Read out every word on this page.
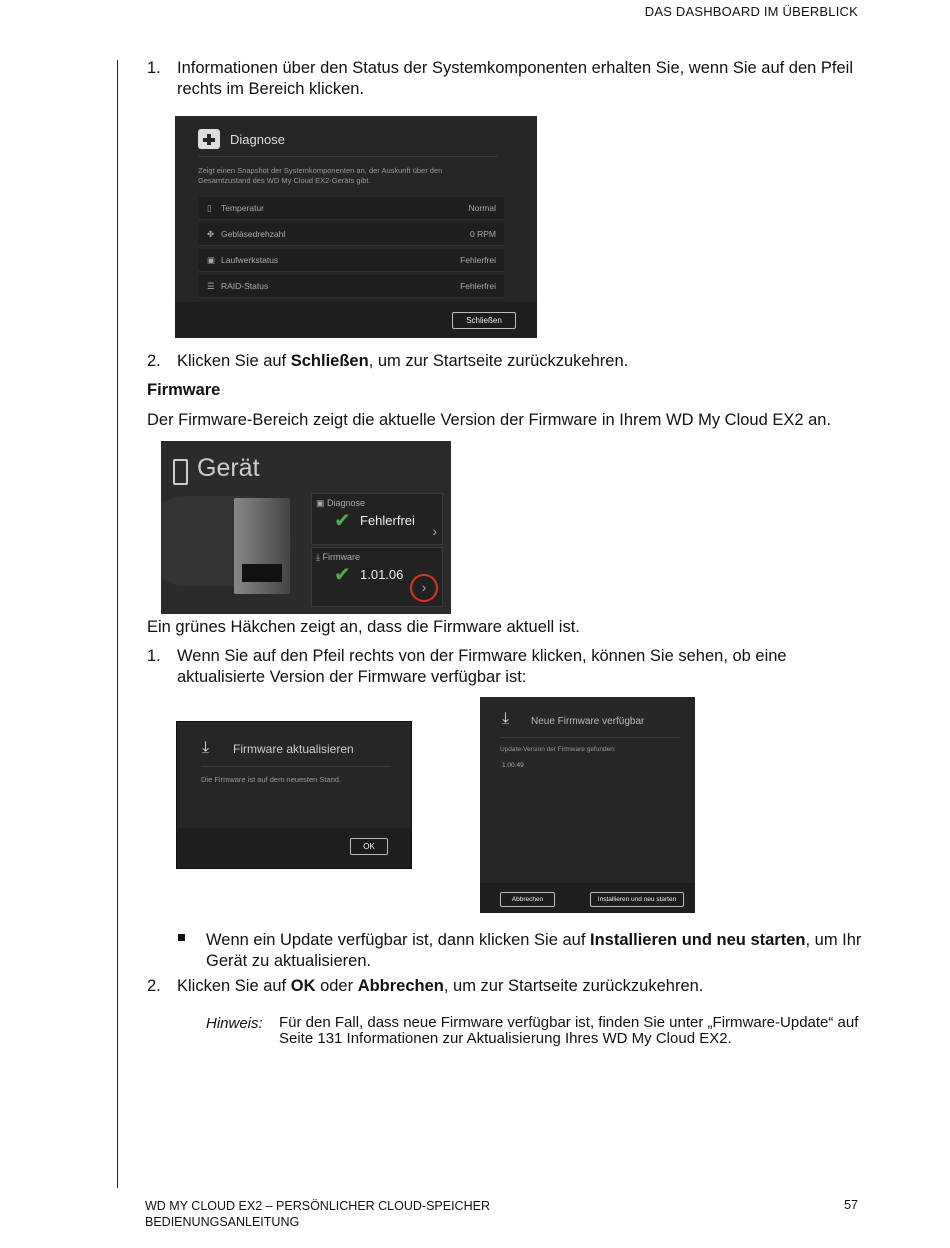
DAS DASHBOARD IM ÜBERBLICK
1. Informationen über den Status der Systemkomponenten erhalten Sie, wenn Sie auf den Pfeil rechts im Bereich klicken.
Diagnose
Zeigt einen Snapshot der Systemkomponenten an, der Auskunft über den Gesamtzustand des WD My Cloud EX2-Geräts gibt.
▯ Temperatur	Normal
✤ Gebläsedrehzahl	0 RPM
▣ Laufwerkstatus	Fehlerfrei
☰ RAID-Status	Fehlerfrei
Schließen
2. Klicken Sie auf Schließen, um zur Startseite zurückzukehren.
Firmware
Der Firmware-Bereich zeigt die aktuelle Version der Firmware in Ihrem WD My Cloud EX2 an.
Gerät
▣ Diagnose
✔ Fehlerfrei
›
⤓ Firmware
✔ 1.01.06
›
Ein grünes Häkchen zeigt an, dass die Firmware aktuell ist.
1. Wenn Sie auf den Pfeil rechts von der Firmware klicken, können Sie sehen, ob eine aktualisierte Version der Firmware verfügbar ist:
⤓ Firmware aktualisieren
Die Firmware ist auf dem neuesten Stand.
OK
⤓ Neue Firmware verfügbar
Update-Version der Firmware gefunden:
1.00.49
Abbrechen	Installieren und neu starten
Wenn ein Update verfügbar ist, dann klicken Sie auf Installieren und neu starten, um Ihr Gerät zu aktualisieren.
2. Klicken Sie auf OK oder Abbrechen, um zur Startseite zurückzukehren.
Hinweis: Für den Fall, dass neue Firmware verfügbar ist, finden Sie unter „Firmware-Update“ auf Seite 131 Informationen zur Aktualisierung Ihres WD My Cloud EX2.
WD MY CLOUD EX2 – PERSÖNLICHER CLOUD-SPEICHER
BEDIENUNGSANLEITUNG
57
